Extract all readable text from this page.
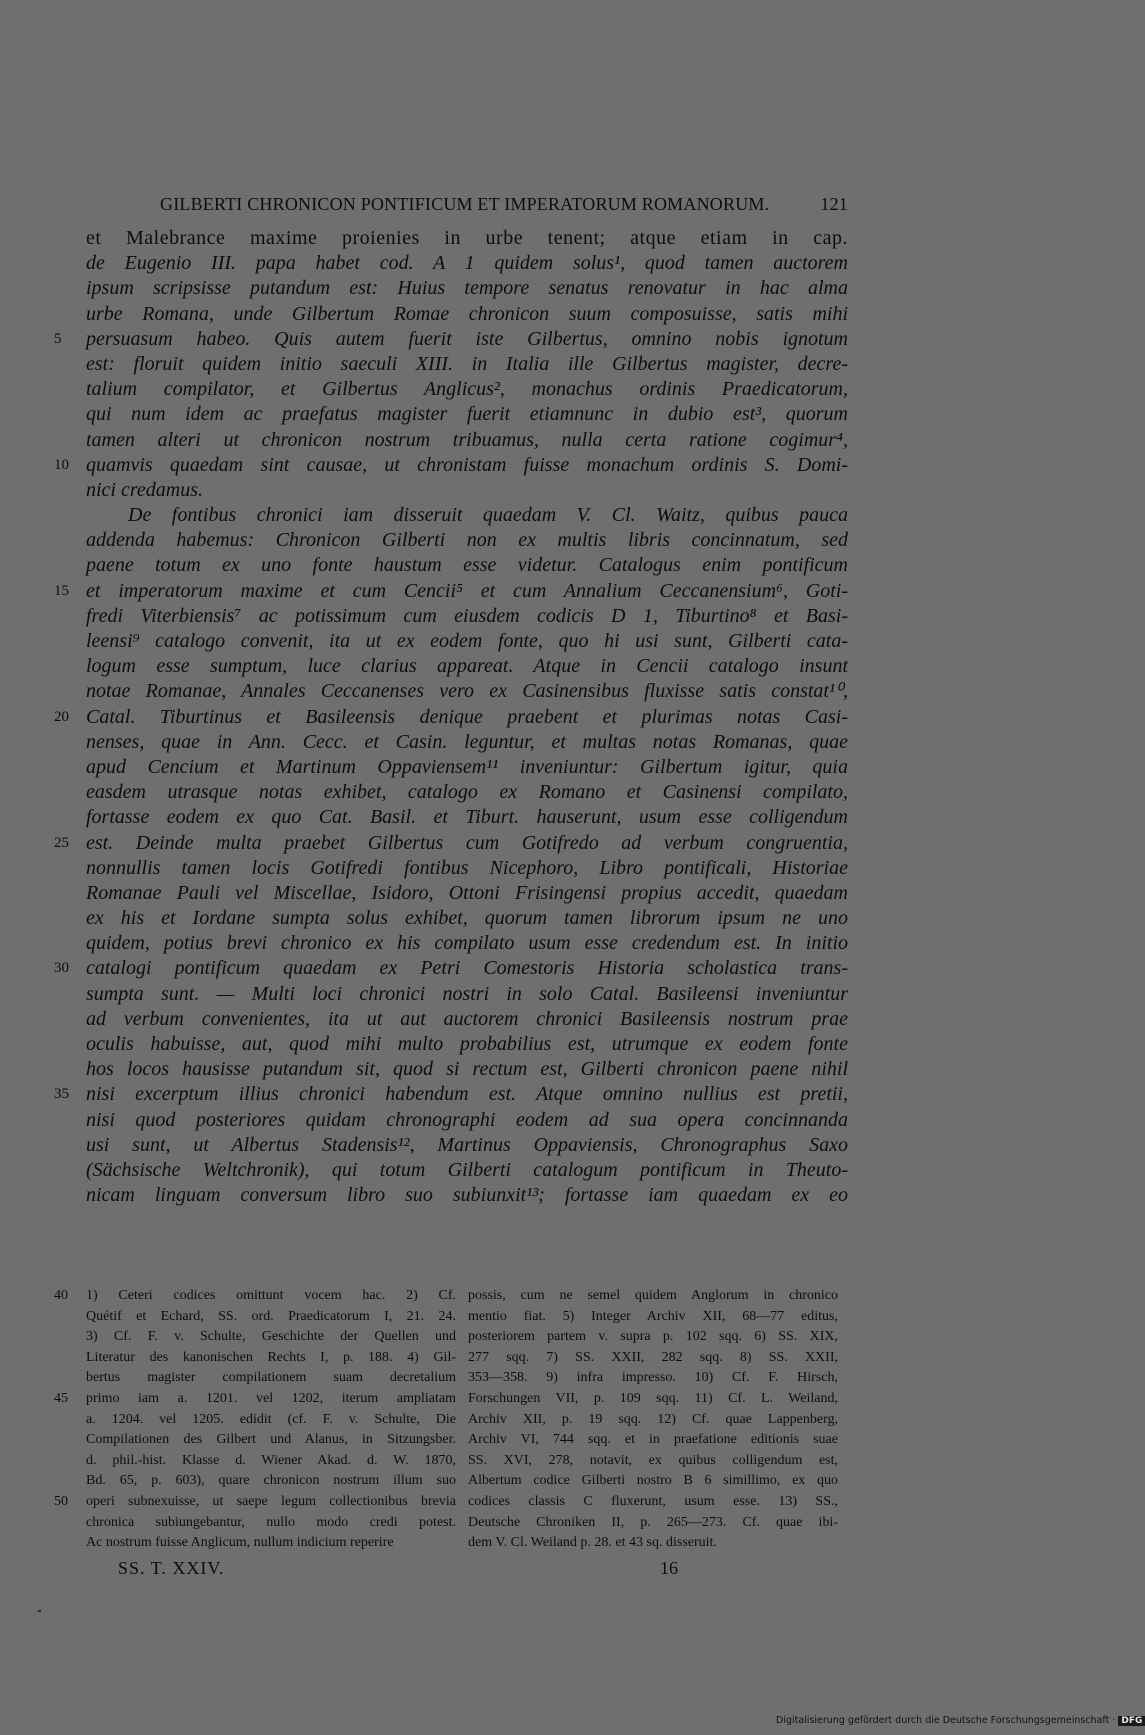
GILBERTI CHRONICON PONTIFICUM ET IMPERATORUM ROMANORUM.	121
et Malebrance maxime proienies in urbe tenent; atque etiam in cap.
de Eugenio III. papa habet cod. A 1 quidem solus¹, quod tamen auctorem
ipsum scripsisse putandum est: Huius tempore senatus renovatur in hac alma
urbe Romana, unde Gilbertum Romae chronicon suum composuisse, satis mihi
5	persuasum habeo. Quis autem fuerit iste Gilbertus, omnino nobis ignotum
est: floruit quidem initio saeculi XIII. in Italia ille Gilbertus magister, decre-
talium compilator, et Gilbertus Anglicus², monachus ordinis Praedicatorum,
qui num idem ac praefatus magister fuerit etiamnunc in dubio est³, quorum
tamen alteri ut chronicon nostrum tribuamus, nulla certa ratione cogimur⁴,
10 quamvis quaedam sint causae, ut chronistam fuisse monachum ordinis S. Domi-
nici credamus.
De fontibus chronici iam disseruit quaedam V. Cl. Waitz, quibus pauca
addenda habemus: Chronicon Gilberti non ex multis libris concinnatum, sed
paene totum ex uno fonte haustum esse videtur. Catalogus enim pontificum
15 et imperatorum maxime et cum Cencii⁵ et cum Annalium Ceccanensium⁶, Goti-
fredi Viterbiensis⁷ ac potissimum cum eiusdem codicis D 1, Tiburtino⁸ et Basi-
leensi⁹ catalogo convenit, ita ut ex eodem fonte, quo hi usi sunt, Gilberti cata-
logum esse sumptum, luce clarius appareat. Atque in Cencii catalogo insunt
notae Romanae, Annales Ceccanenses vero ex Casinensibus fluxisse satis constat¹⁰,
20 Catal. Tiburtinus et Basileensis denique praebent et plurimas notas Casi-
nenses, quae in Ann. Cecc. et Casin. leguntur, et multas notas Romanas, quae
apud Cencium et Martinum Oppaviensem¹¹ inveniuntur: Gilbertum igitur, quia
easdem utrasque notas exhibet, catalogo ex Romano et Casinensi compilato,
fortasse eodem ex quo Cat. Basil. et Tiburt. hauserunt, usum esse colligendum
25 est. Deinde multa praebet Gilbertus cum Gotifredo ad verbum congruentia,
nonnullis tamen locis Gotifredi fontibus Nicephoro, Libro pontificali, Historiae
Romanae Pauli vel Miscellae, Isidoro, Ottoni Frisingensi propius accedit, quaedam
ex his et Iordane sumpta solus exhibet, quorum tamen librorum ipsum ne uno
quidem, potius brevi chronico ex his compilato usum esse credendum est. In initio
30 catalogi pontificum quaedam ex Petri Comestoris Historia scholastica trans-
sumpta sunt. — Multi loci chronici nostri in solo Catal. Basileensi inveniuntur
ad verbum convenientes, ita ut aut auctorem chronici Basileensis nostrum prae
oculis habuisse, aut, quod mihi multo probabilius est, utrumque ex eodem fonte
hos locos hausisse putandum sit, quod si rectum est, Gilberti chronicon paene nihil
35 nisi excerptum illius chronici habendum est. Atque omnino nullius est pretii,
nisi quod posteriores quidam chronographi eodem ad sua opera concinnanda
usi sunt, ut Albertus Stadensis¹², Martinus Oppaviensis, Chronographus Saxo
(Sächsische Weltchronik), qui totum Gilberti catalogum pontificum in Theuto-
nicam linguam conversum libro suo subiunxit¹³; fortasse iam quaedam ex eo
40 1) Ceteri codices omittunt vocem hac. 2) Cf.
Quétif et Echard, SS. ord. Praedicatorum I, 21. 24.
3) Cf. F. v. Schulte, Geschichte der Quellen und
Literatur des kanonischen Rechts I, p. 188. 4) Gil-
bertus magister compilationem suam decretalium
45 primo iam a. 1201. vel 1202, iterum ampliatam
a. 1204. vel 1205. edidit (cf. F. v. Schulte, Die
Compilationen des Gilbert und Alanus, in Sitzungsber.
d. phil.-hist. Klasse d. Wiener Akad. d. W. 1870,
Bd. 65, p. 603), quare chronicon nostrum illum suo
50 operi subnexuisse, ut saepe legum collectionibus brevia
chronica subiungebantur, nullo modo credi potest.
Ac nostrum fuisse Anglicum, nullum indicium reperire
possis, cum ne semel quidem Anglorum in chronico
mentio fiat. 5) Integer Archiv XII, 68—77 editus,
posteriorem partem v. supra p. 102 sqq. 6) SS. XIX,
277 sqq. 7) SS. XXII, 282 sqq. 8) SS. XXII,
353—358. 9) infra impresso. 10) Cf. F. Hirsch,
Forschungen VII, p. 109 sqq. 11) Cf. L. Weiland,
Archiv XII, p. 19 sqq. 12) Cf. quae Lappenberg,
Archiv VI, 744 sqq. et in praefatione editionis suae
SS. XVI, 278, notavit, ex quibus colligendum est,
Albertum codice Gilberti nostro B 6 simillimo, ex quo
codices classis C fluxerunt, usum esse. 13) SS.,
Deutsche Chroniken II, p. 265—273. Cf. quae ibi-
dem V. Cl. Weiland p. 28. et 43 sq. disseruit.
SS. T. XXIV.	16
Digitalisierung gefördert durch die Deutsche Forschungsgemeinschaft · DFG
